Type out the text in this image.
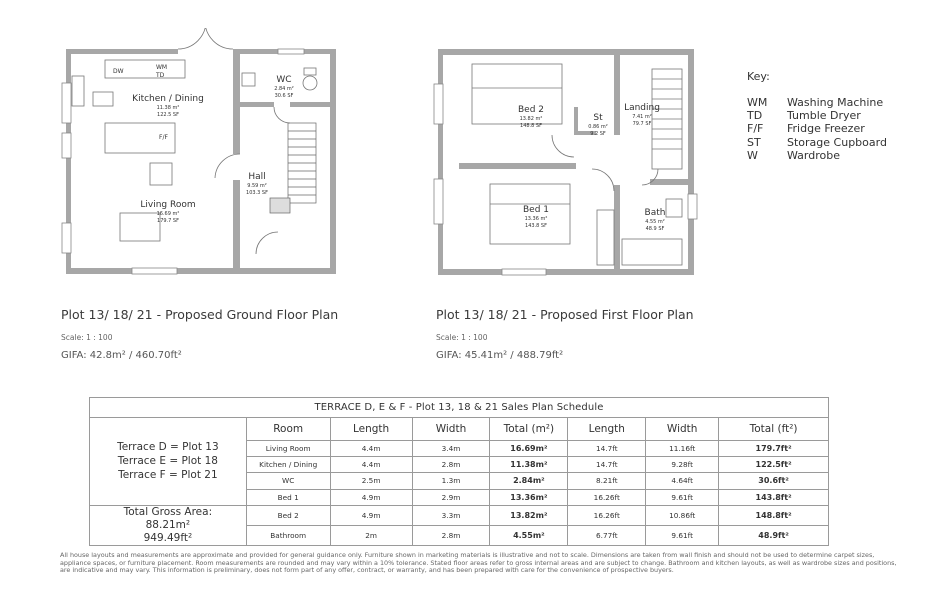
DW
WM
TD
F/F
Kitchen / Dining
11.38 m²
122.5 SF
WC
2.84 m²
30.6 SF
Hall
9.59 m²
103.3 SF
Living Room
16.69 m²
179.7 SF
Plot 13/ 18/ 21 - Proposed Ground Floor Plan
Scale: 1 : 100
GIFA: 42.8m² / 460.70ft²
Bed 2
13.82 m²
148.8 SF
St
0.86 m²
9.2 SF
Landing
7.41 m²
79.7 SF
Bed 1
13.36 m²
143.8 SF
Bath
4.55 m²
48.9 SF
Plot 13/ 18/ 21 - Proposed First Floor Plan
Scale: 1 : 100
GIFA: 45.41m² / 488.79ft²
Key:
WM	Washing Machine
TD	Tumble Dryer
F/F	Fridge Freezer
ST	Storage Cupboard
W	Wardrobe
TERRACE D, E & F - Plot 13, 18 & 21 Sales Plan Schedule							

Terrace D = Plot 13
Terrace E = Plot 18
Terrace F = Plot 21	Room	Length	Width	Total (m²)	Length	Width	Total (ft²)
	Living Room	4.4m	3.4m	16.69m²	14.7ft	11.16ft	179.7ft²
	Kitchen / Dining	4.4m	2.8m	11.38m²	14.7ft	9.28ft	122.5ft²
	WC	2.5m	1.3m	2.84m²	8.21ft	4.64ft	30.6ft²
	Bed 1	4.9m	2.9m	13.36m²	16.26ft	9.61ft	143.8ft²

Total Gross Area:
88.21m²
949.49ft²	Bed 2	4.9m	3.3m	13.82m²	16.26ft	10.86ft	148.8ft²
	Bathroom	2m	2.8m	4.55m²	6.77ft	9.61ft	48.9ft²
All house layouts and measurements are approximate and provided for general guidance only. Furniture shown in marketing materials is illustrative and not to scale. Dimensions are taken from wall finish and should not be used to determine carpet sizes, appliance spaces, or furniture placement. Room measurements are rounded and may vary within a 10% tolerance. Stated floor areas refer to gross internal areas and are subject to change. Bathroom and kitchen layouts, as well as wardrobe sizes and positions, are indicative and may vary. This information is preliminary, does not form part of any offer, contract, or warranty, and has been prepared with care for the convenience of prospective buyers.
